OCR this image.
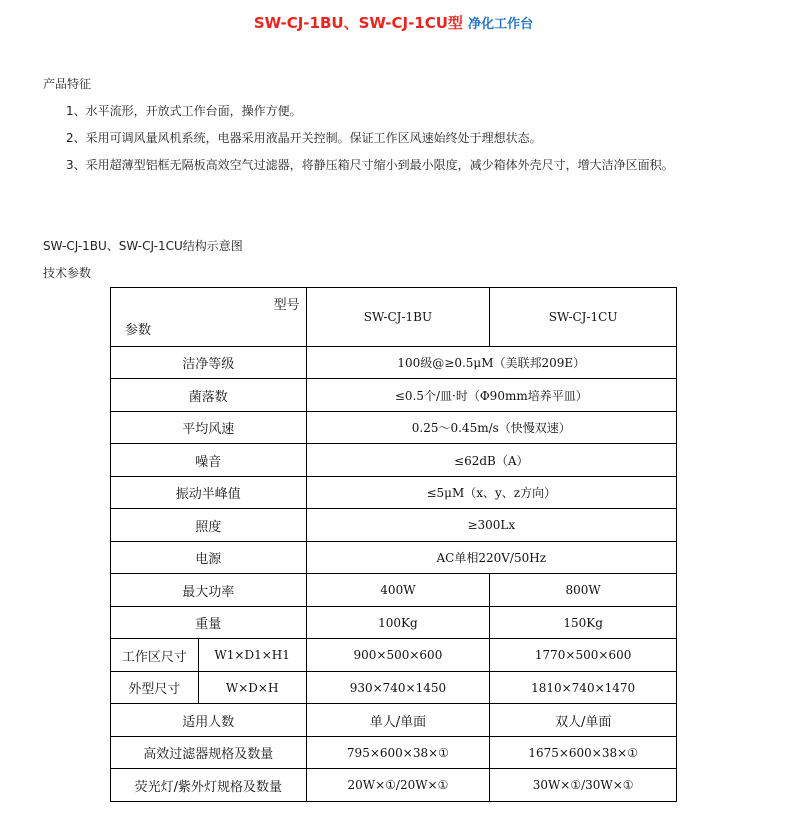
SW-CJ-1BU、SW-CJ-1CU型 净化工作台
产品特征
1、水平流形，开放式工作台面，操作方便。
2、采用可调风量风机系统，电器采用液晶开关控制。保证工作区风速始终处于理想状态。
3、采用超薄型铝框无隔板高效空气过滤器，将静压箱尺寸缩小到最小限度，减少箱体外壳尺寸，增大洁净区面积。
SW-CJ-1BU、SW-CJ-1CU结构示意图
技术参数
型号
参数		SW-CJ-1BU	SW-CJ-1CU
洁净等级		100级@≥0.5μM（美联邦209E）	
菌落数		≤0.5个/皿·时（Φ90mm培养平皿）	
平均风速		0.25～0.45m/s（快慢双速）	
噪音		≤62dB（A）	
振动半峰值		≤5μM（x、y、z方向）	
照度		≥300Lx	
电源		AC单相220V/50Hz	
最大功率		400W	800W
重量		100Kg	150Kg
工作区尺寸	W1×D1×H1	900×500×600	1770×500×600
外型尺寸	W×D×H	930×740×1450	1810×740×1470
适用人数		单人/单面	双人/单面
高效过滤器规格及数量		795×600×38×①	1675×600×38×①
荧光灯/紫外灯规格及数量		20W×①/20W×①	30W×①/30W×①
